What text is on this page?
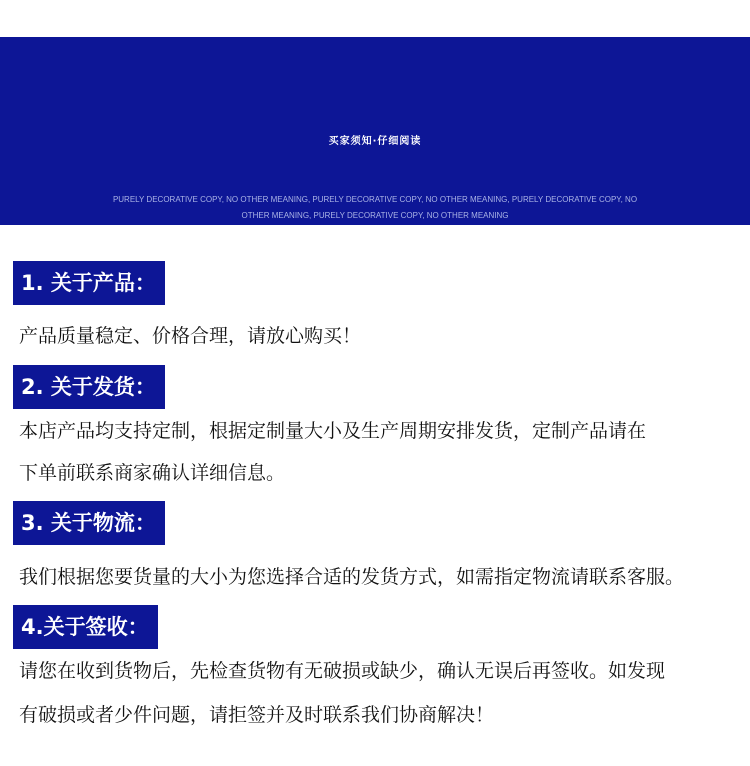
买家须知·仔细阅读
PURELY DECORATIVE COPY, NO OTHER MEANING, PURELY DECORATIVE COPY, NO OTHER MEANING, PURELY DECORATIVE COPY, NO OTHER MEANING, PURELY DECORATIVE COPY, NO OTHER MEANING
1. 关于产品：
产品质量稳定、价格合理，请放心购买！
2. 关于发货：
本店产品均支持定制，根据定制量大小及生产周期安排发货，定制产品请在
下单前联系商家确认详细信息。
3. 关于物流：
我们根据您要货量的大小为您选择合适的发货方式，如需指定物流请联系客服。
4.关于签收：
请您在收到货物后，先检查货物有无破损或缺少，确认无误后再签收。如发现
有破损或者少件问题，请拒签并及时联系我们协商解决！
